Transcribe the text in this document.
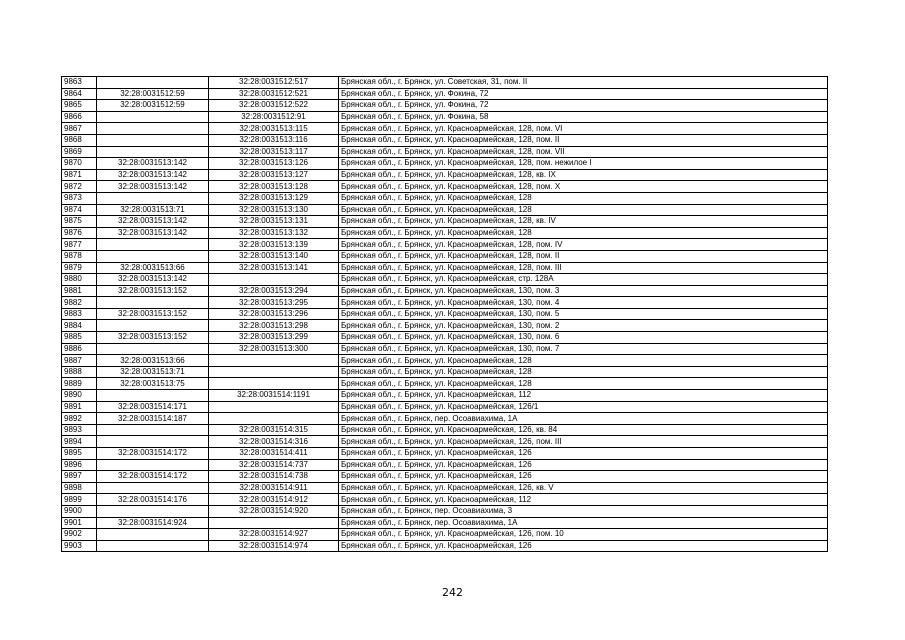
9863		32:28:0031512:517	Брянская обл., г. Брянск, ул. Советская, 31, пом. II
9864	32:28:0031512:59	32:28:0031512:521	Брянская обл., г. Брянск, ул. Фокина, 72
9865	32:28:0031512:59	32:28:0031512:522	Брянская обл., г. Брянск, ул. Фокина, 72
9866		32:28:0031512:91	Брянская обл., г. Брянск, ул. Фокина, 58
9867		32:28:0031513:115	Брянская обл., г. Брянск, ул. Красноармейская, 128, пом. VI
9868		32:28:0031513:116	Брянская обл., г. Брянск, ул. Красноармейская, 128, пом. II
9869		32:28:0031513:117	Брянская обл., г. Брянск, ул. Красноармейская, 128, пом. VII
9870	32:28:0031513:142	32:28:0031513:126	Брянская обл., г. Брянск, ул. Красноармейская, 128, пом. нежилое I
9871	32:28:0031513:142	32:28:0031513:127	Брянская обл., г. Брянск, ул. Красноармейская, 128, кв. IX
9872	32:28:0031513:142	32:28:0031513:128	Брянская обл., г. Брянск, ул. Красноармейская, 128, пом. X
9873		32:28:0031513:129	Брянская обл., г. Брянск, ул. Красноармейская, 128
9874	32:28:0031513:71	32:28:0031513:130	Брянская обл., г. Брянск, ул. Красноармейская, 128
9875	32:28:0031513:142	32:28:0031513:131	Брянская обл., г. Брянск, ул. Красноармейская, 128, кв. IV
9876	32:28:0031513:142	32:28:0031513:132	Брянская обл., г. Брянск, ул. Красноармейская, 128
9877		32:28:0031513:139	Брянская обл., г. Брянск, ул. Красноармейская, 128, пом. IV
9878		32:28:0031513:140	Брянская обл., г. Брянск, ул. Красноармейская, 128, пом. II
9879	32:28:0031513:66	32:28:0031513:141	Брянская обл., г. Брянск, ул. Красноармейская, 128, пом. III
9880	32:28:0031513:142		Брянская обл., г. Брянск, ул. Красноармейская, стр. 128А
9881	32:28:0031513:152	32:28:0031513:294	Брянская обл., г. Брянск, ул. Красноармейская, 130, пом. 3
9882		32:28:0031513:295	Брянская обл., г. Брянск, ул. Красноармейская, 130, пом. 4
9883	32:28:0031513:152	32:28:0031513:296	Брянская обл., г. Брянск, ул. Красноармейская, 130, пом. 5
9884		32:28:0031513:298	Брянская обл., г. Брянск, ул. Красноармейская, 130, пом. 2
9885	32:28:0031513:152	32:28:0031513:299	Брянская обл., г. Брянск, ул. Красноармейская, 130, пом. 6
9886		32:28:0031513:300	Брянская обл., г. Брянск, ул. Красноармейская, 130, пом. 7
9887	32:28:0031513:66		Брянская обл., г. Брянск, ул. Красноармейская, 128
9888	32:28:0031513:71		Брянская обл., г. Брянск, ул. Красноармейская, 128
9889	32:28:0031513:75		Брянская обл., г. Брянск, ул. Красноармейская, 128
9890		32:28:0031514:1191	Брянская обл., г. Брянск, ул. Красноармейская, 112
9891	32:28:0031514:171		Брянская обл., г. Брянск, ул. Красноармейская, 126/1
9892	32:28:0031514:187		Брянская обл., г. Брянск, пер. Осоавиахима, 1А
9893		32:28:0031514:315	Брянская обл., г. Брянск, ул. Красноармейская, 126, кв. 84
9894		32:28:0031514:316	Брянская обл., г. Брянск, ул. Красноармейская, 126, пом. III
9895	32:28:0031514:172	32:28:0031514:411	Брянская обл., г. Брянск, ул. Красноармейская, 126
9896		32:28:0031514:737	Брянская обл., г. Брянск, ул. Красноармейская, 126
9897	32:28:0031514:172	32:28:0031514:738	Брянская обл., г. Брянск, ул. Красноармейская, 126
9898		32:28:0031514:911	Брянская обл., г. Брянск, ул. Красноармейская, 126, кв. V
9899	32:28:0031514:176	32:28:0031514:912	Брянская обл., г. Брянск, ул. Красноармейская, 112
9900		32:28:0031514:920	Брянская обл., г. Брянск, пер. Осоавиахима, 3
9901	32:28:0031514:924		Брянская обл., г. Брянск, пер. Осоавиахима, 1А
9902		32:28:0031514:927	Брянская обл., г. Брянск, ул. Красноармейская, 126, пом. 10
9903		32:28:0031514:974	Брянская обл., г. Брянск, ул. Красноармейская, 126
242
